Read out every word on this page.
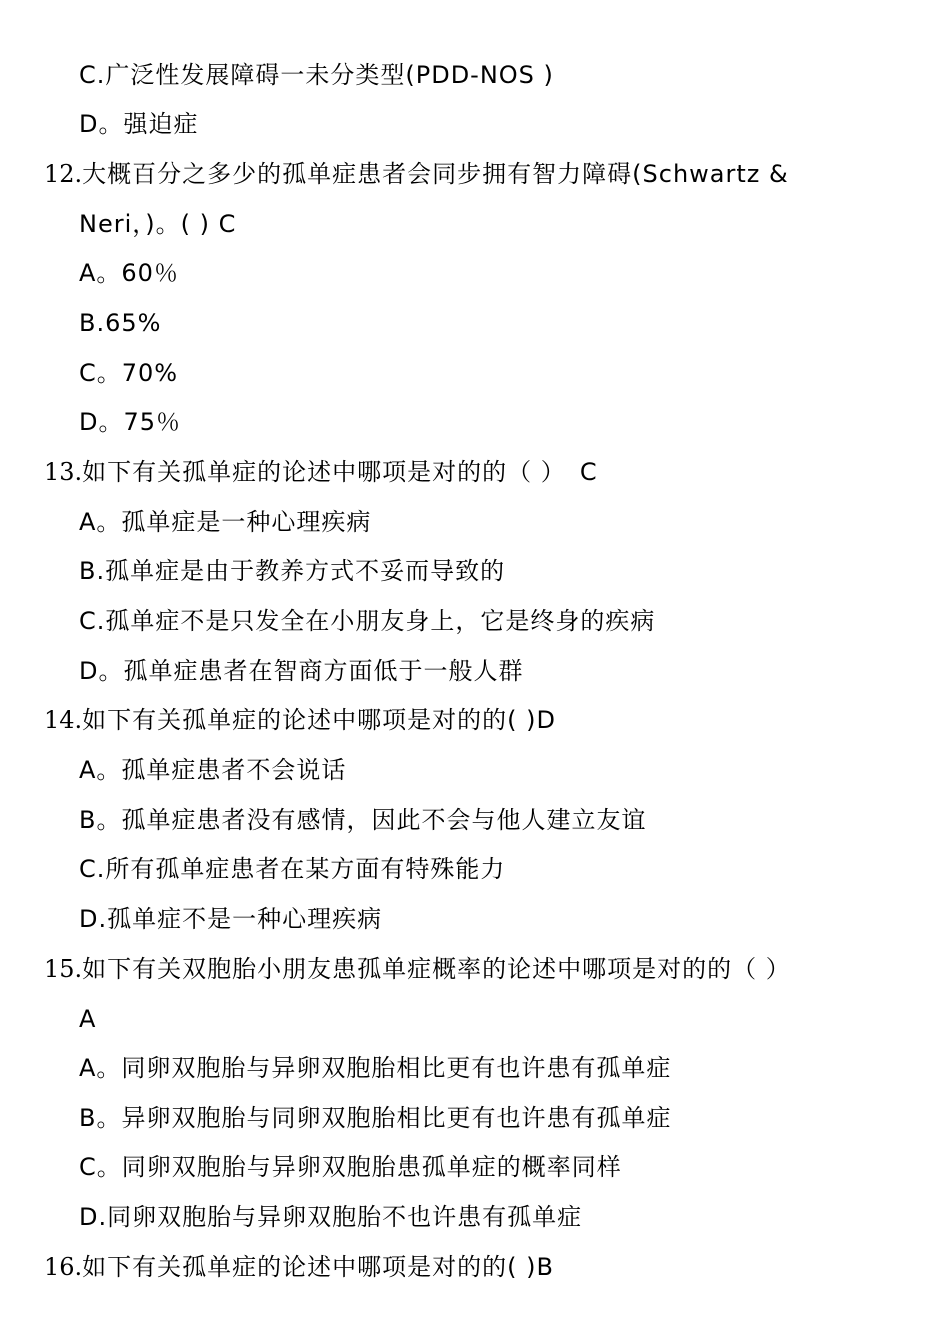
C.广泛性发展障碍一未分类型(PDD-NOS )
D。强迫症
12.大概百分之多少的孤单症患者会同步拥有智力障碍(Schwartz &
Neri，)。( ) C
A。60％
B.65%
C。70%
D。75％
13.如下有关孤单症的论述中哪项是对的的（ ） C
A。孤单症是一种心理疾病
B.孤单症是由于教养方式不妥而导致的
C.孤单症不是只发全在小朋友身上，它是终身的疾病
D。孤单症患者在智商方面低于一般人群
14.如下有关孤单症的论述中哪项是对的的( )D
A。孤单症患者不会说话
B。孤单症患者没有感情，因此不会与他人建立友谊
C.所有孤单症患者在某方面有特殊能力
D.孤单症不是一种心理疾病
15.如下有关双胞胎小朋友患孤单症概率的论述中哪项是对的的（ ）
A
A。同卵双胞胎与异卵双胞胎相比更有也许患有孤单症
B。异卵双胞胎与同卵双胞胎相比更有也许患有孤单症
C。同卵双胞胎与异卵双胞胎患孤单症的概率同样
D.同卵双胞胎与异卵双胞胎不也许患有孤单症
16.如下有关孤单症的论述中哪项是对的的( )B
